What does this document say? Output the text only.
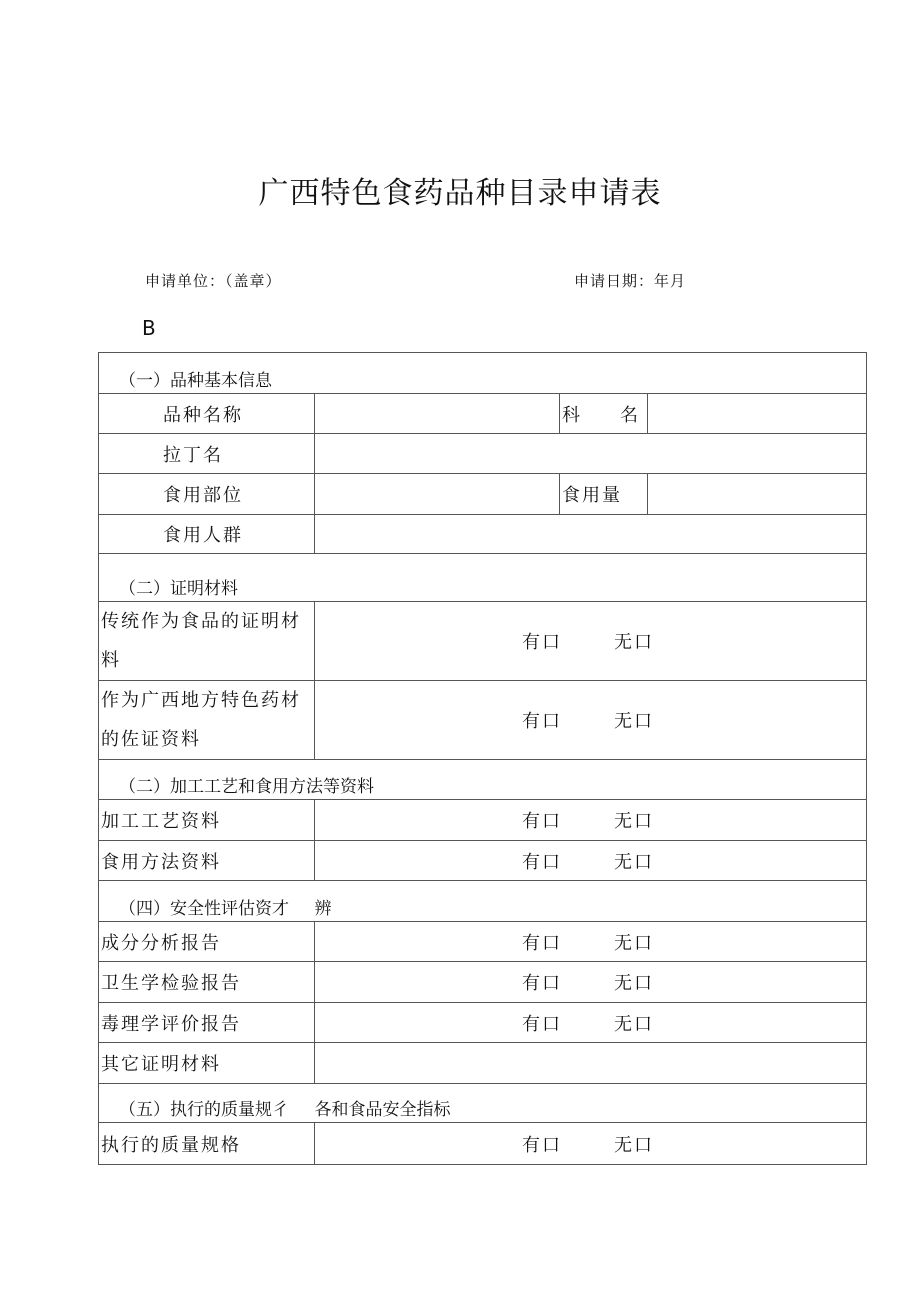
广西特色食药品种目录申请表
申请单位：（盖章）	申请日期：年月
B
（一）品种基本信息			
品种名称		科名	
拉丁名			
食用部位		食用量	
食用人群			
（二）证明材料			
传统作为食品的证明材料	有口 无口		

作为广西地方特色药材的佐证资料	有口 无口		

（二）加工工艺和食用方法等资料			
加工工艺资料	有口 无口		

食用方法资料	有口 无口		

（四）安全性评估资才	辨		
成分分析报告	有口 无口		

卫生学检验报告	有口 无口		

毒理学评价报告	有口 无口		

其它证明材料			
（五）执行的质量规彳	各和食品安全指标		
执行的质量规格	有口 无口		
